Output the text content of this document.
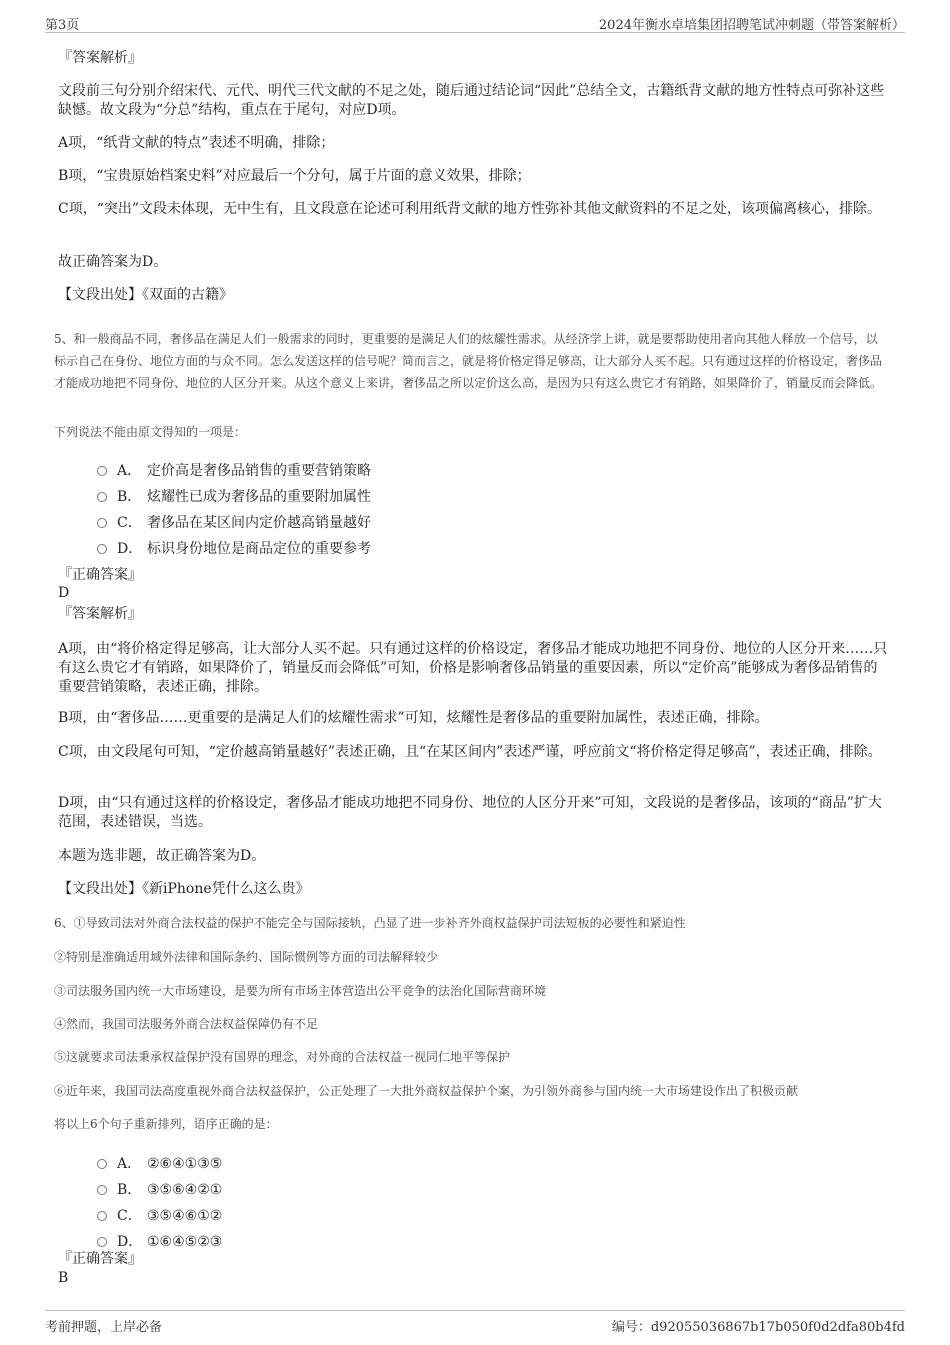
第3页	2024年衡水卓培集团招聘笔试冲刺题（带答案解析）
『答案解析』
文段前三句分别介绍宋代、元代、明代三代文献的不足之处，随后通过结论词“因此”总结全文，古籍纸背文献的地方性特点可弥补这些缺憾。故文段为“分总”结构，重点在于尾句，对应D项。
A项，“纸背文献的特点”表述不明确，排除；
B项，“宝贵原始档案史料”对应最后一个分句，属于片面的意义效果，排除；
C项，“突出”文段未体现，无中生有，且文段意在论述可利用纸背文献的地方性弥补其他文献资料的不足之处，该项偏离核心，排除。
故正确答案为D。
【文段出处】《双面的古籍》
5、和一般商品不同，奢侈品在满足人们一般需求的同时，更重要的是满足人们的炫耀性需求。从经济学上讲，就是要帮助使用者向其他人释放一个信号，以标示自己在身份、地位方面的与众不同。怎么发送这样的信号呢？简而言之，就是将价格定得足够高，让大部分人买不起。只有通过这样的价格设定，奢侈品才能成功地把不同身份、地位的人区分开来。从这个意义上来讲，奢侈品之所以定价这么高，是因为只有这么贵它才有销路，如果降价了，销量反而会降低。
下列说法不能由原文得知的一项是：
A． 定价高是奢侈品销售的重要营销策略
B． 炫耀性已成为奢侈品的重要附加属性
C． 奢侈品在某区间内定价越高销量越好
D． 标识身份地位是商品定位的重要参考
『正确答案』
D
『答案解析』
A项，由“将价格定得足够高，让大部分人买不起。只有通过这样的价格设定，奢侈品才能成功地把不同身份、地位的人区分开来……只有这么贵它才有销路，如果降价了，销量反而会降低”可知，价格是影响奢侈品销量的重要因素，所以“定价高”能够成为奢侈品销售的重要营销策略，表述正确，排除。
B项，由“奢侈品……更重要的是满足人们的炫耀性需求”可知，炫耀性是奢侈品的重要附加属性，表述正确，排除。
C项，由文段尾句可知，“定价越高销量越好”表述正确，且“在某区间内”表述严谨，呼应前文“将价格定得足够高”，表述正确，排除。
D项，由“只有通过这样的价格设定，奢侈品才能成功地把不同身份、地位的人区分开来”可知，文段说的是奢侈品，该项的“商品”扩大范围，表述错误，当选。
本题为选非题，故正确答案为D。
【文段出处】《新iPhone凭什么这么贵》
6、①导致司法对外商合法权益的保护不能完全与国际接轨，凸显了进一步补齐外商权益保护司法短板的必要性和紧迫性
②特别是准确适用域外法律和国际条约、国际惯例等方面的司法解释较少
③司法服务国内统一大市场建设，是要为所有市场主体营造出公平竞争的法治化国际营商环境
④然而，我国司法服务外商合法权益保障仍有不足
⑤这就要求司法秉承权益保护没有国界的理念，对外商的合法权益一视同仁地平等保护
⑥近年来，我国司法高度重视外商合法权益保护，公正处理了一大批外商权益保护个案，为引领外商参与国内统一大市场建设作出了积极贡献
将以上6个句子重新排列，语序正确的是：
A． ②⑥④①③⑤
B． ③⑤⑥④②①
C． ③⑤④⑥①②
D． ①⑥④⑤②③
『正确答案』
B
考前押题，上岸必备	编号：d92055036867b17b050f0d2dfa80b4fd
